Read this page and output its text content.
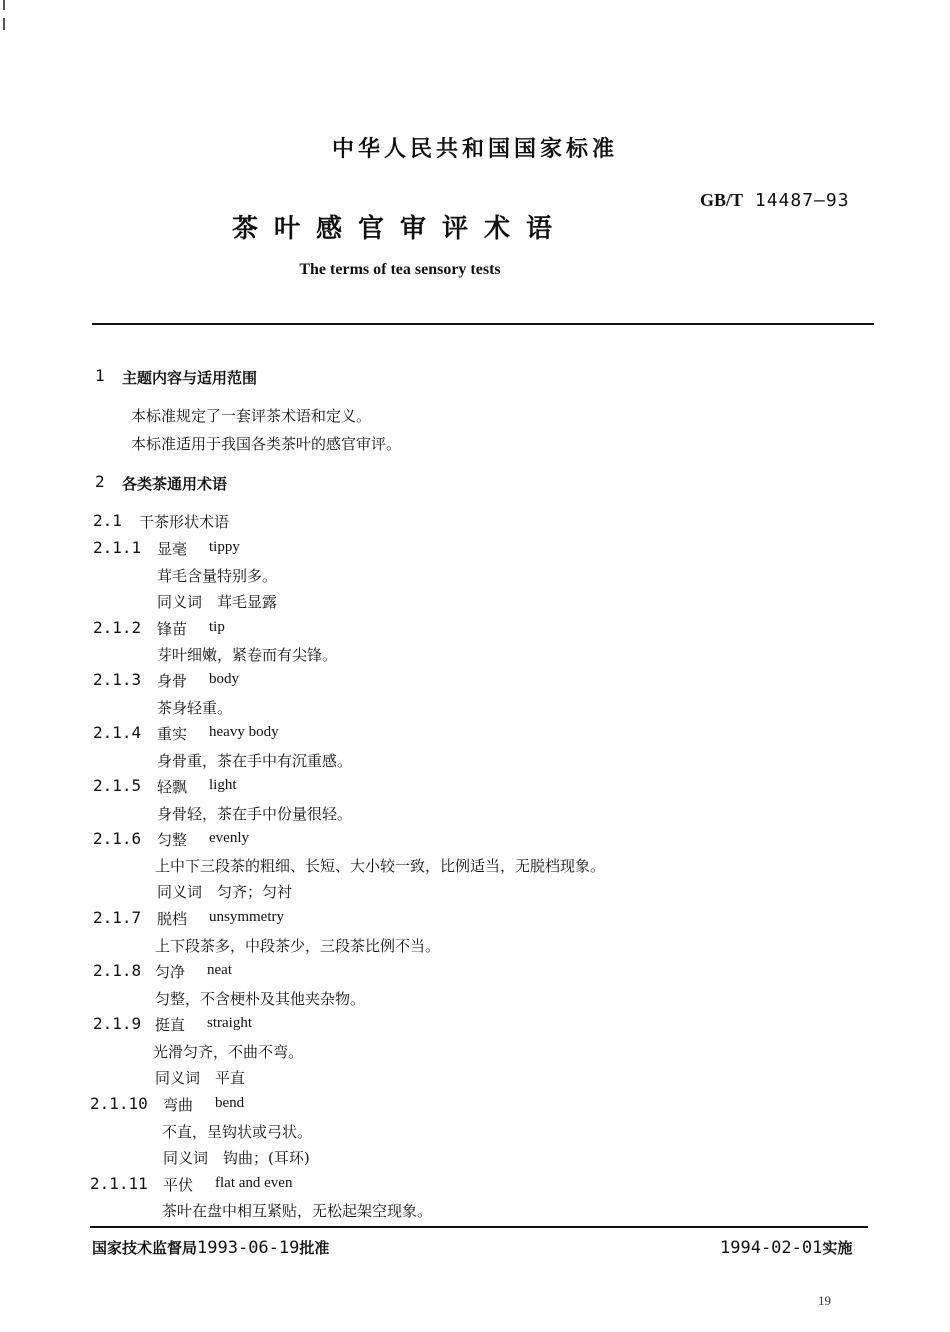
中华人民共和国国家标准
GB/T 14487—93
茶叶感官审评术语
The terms of tea sensory tests
1 主题内容与适用范围
本标准规定了一套评茶术语和定义。
本标准适用于我国各类茶叶的感官审评。
2 各类茶通用术语
2.1 干茶形状术语
2.1.1 显毫 tippy
茸毛含量特别多。
同义词　茸毛显露
2.1.2 锋苗 tip
芽叶细嫩，紧卷而有尖锋。
2.1.3 身骨 body
茶身轻重。
2.1.4 重实 heavy body
身骨重，茶在手中有沉重感。
2.1.5 轻飘 light
身骨轻，茶在手中份量很轻。
2.1.6 匀整 evenly
上中下三段茶的粗细、长短、大小较一致，比例适当，无脱档现象。
同义词　匀齐；匀衬
2.1.7 脱档 unsymmetry
上下段茶多，中段茶少，三段茶比例不当。
2.1.8 匀净 neat
匀整，不含梗朴及其他夹杂物。
2.1.9 挺直 straight
光滑匀齐，不曲不弯。
同义词　平直
2.1.10 弯曲 bend
不直，呈钩状或弓状。
同义词　钩曲；(耳环)
2.1.11 平伏 flat and even
茶叶在盘中相互紧贴，无松起架空现象。
国家技术监督局1993-06-19批准	1994-02-01实施
19
